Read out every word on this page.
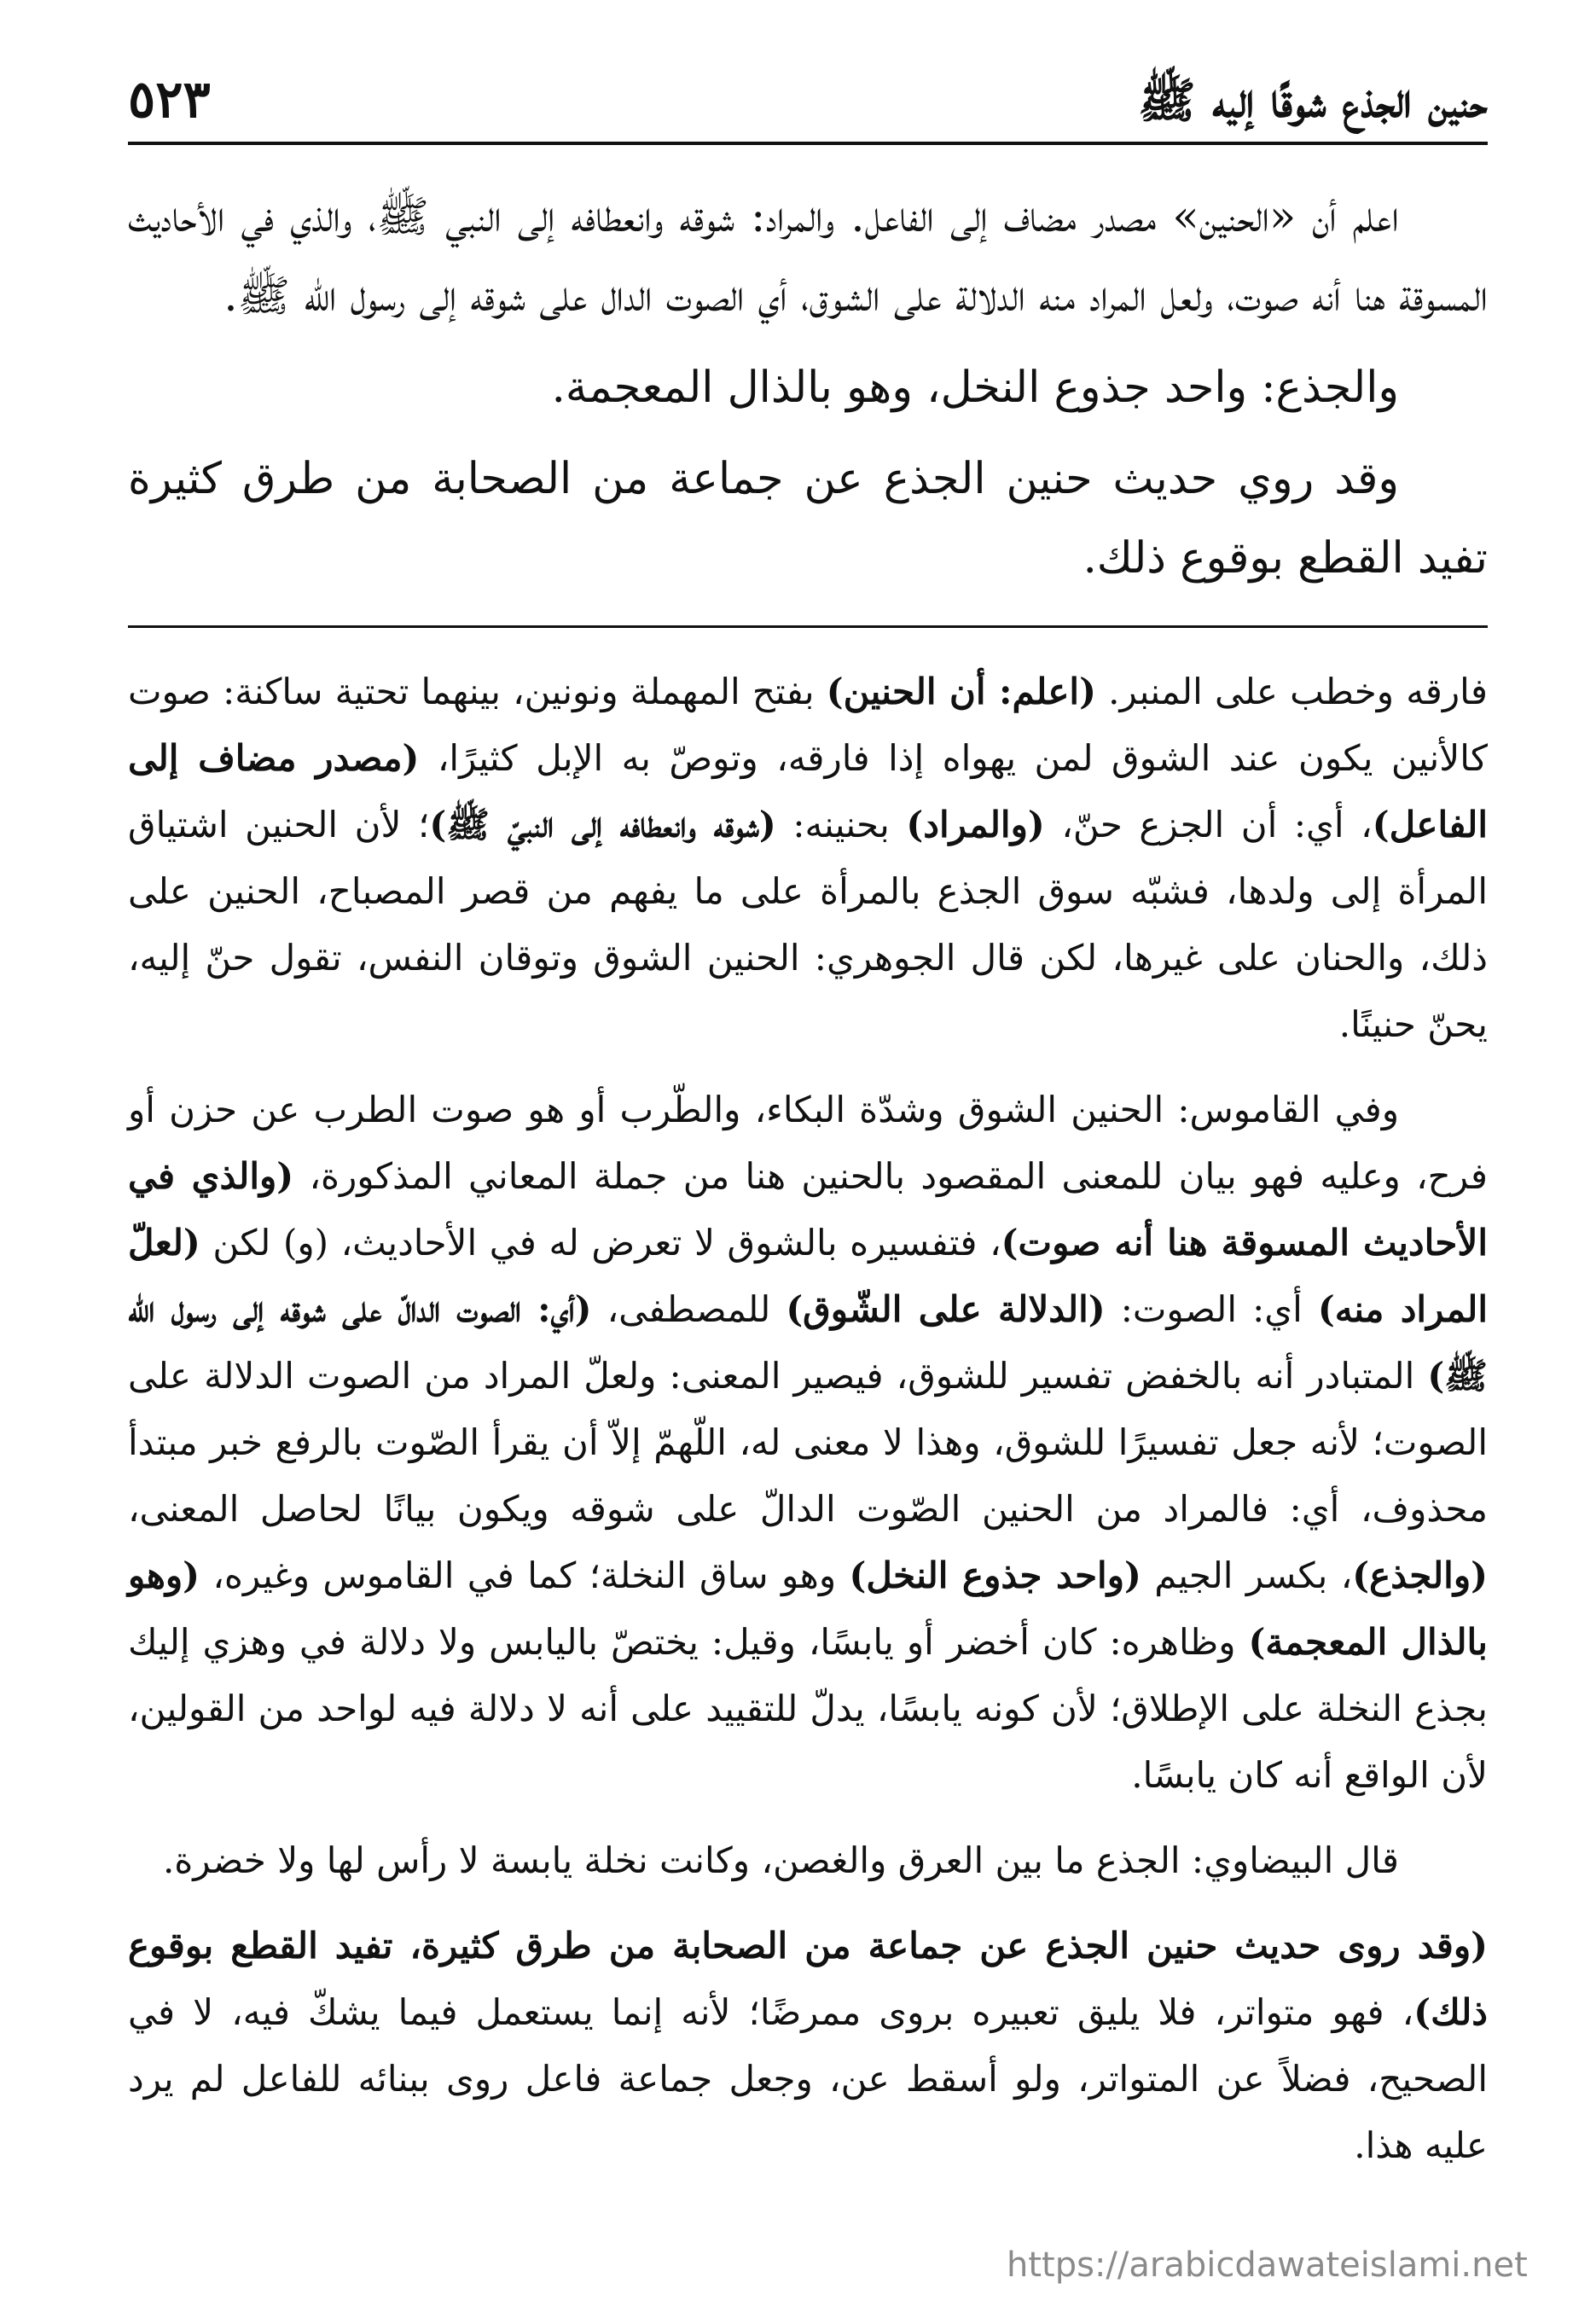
حنين الجذع شوقًا إليه ﷺ
٥٢٣

اعلم أن «الحنين» مصدر مضاف إلى الفاعل. والمراد: شوقه وانعطافه إلى النبي ﷺ، والذي في الأحاديث المسوقة هنا أنه صوت، ولعل المراد منه الدلالة على الشوق، أي الصوت الدال على شوقه إلى رسول الله ﷺ.

والجذع: واحد جذوع النخل، وهو بالذال المعجمة.

وقد روي حديث حنين الجذع عن جماعة من الصحابة من طرق كثيرة تفيد القطع بوقوع ذلك.

فارقه وخطب على المنبر. (اعلم: أن الحنين) بفتح المهملة ونونين، بينهما تحتية ساكنة: صوت كالأنين يكون عند الشوق لمن يهواه إذا فارقه، وتوصّ به الإبل كثيرًا، (مصدر مضاف إلى الفاعل)، أي: أن الجزع حنّ، (والمراد) بحنينه: (شوقه وانعطافه إلى النبيّ ﷺ)؛ لأن الحنين اشتياق المرأة إلى ولدها، فشبّه سوق الجذع بالمرأة على ما يفهم من قصر المصباح، الحنين على ذلك، والحنان على غيرها، لكن قال الجوهري: الحنين الشوق وتوقان النفس، تقول حنّ إليه، يحنّ حنينًا.

وفي القاموس: الحنين الشوق وشدّة البكاء، والطّرب أو هو صوت الطرب عن حزن أو فرح، وعليه فهو بيان للمعنى المقصود بالحنين هنا من جملة المعاني المذكورة، (والذي في الأحاديث المسوقة هنا أنه صوت)، فتفسيره بالشوق لا تعرض له في الأحاديث، (و) لكن (لعلّ المراد منه) أي: الصوت: (الدلالة على الشّوق) للمصطفى، (أي: الصوت الدالّ على شوقه إلى رسول الله ﷺ) المتبادر أنه بالخفض تفسير للشوق، فيصير المعنى: ولعلّ المراد من الصوت الدلالة على الصوت؛ لأنه جعل تفسيرًا للشوق، وهذا لا معنى له، اللّهمّ إلاّ أن يقرأ الصّوت بالرفع خبر مبتدأ محذوف، أي: فالمراد من الحنين الصّوت الدالّ على شوقه ويكون بيانًا لحاصل المعنى، (والجذع)، بكسر الجيم (واحد جذوع النخل) وهو ساق النخلة؛ كما في القاموس وغيره، (وهو بالذال المعجمة) وظاهره: كان أخضر أو يابسًا، وقيل: يختصّ باليابس ولا دلالة في وهزي إليك بجذع النخلة على الإطلاق؛ لأن كونه يابسًا، يدلّ للتقييد على أنه لا دلالة فيه لواحد من القولين، لأن الواقع أنه كان يابسًا.

قال البيضاوي: الجذع ما بين العرق والغصن، وكانت نخلة يابسة لا رأس لها ولا خضرة.

(وقد روى حديث حنين الجذع عن جماعة من الصحابة من طرق كثيرة، تفيد القطع بوقوع ذلك)، فهو متواتر، فلا يليق تعبيره بروى ممرضًا؛ لأنه إنما يستعمل فيما يشكّ فيه، لا في الصحيح، فضلاً عن المتواتر، ولو أسقط عن، وجعل جماعة فاعل روى ببنائه للفاعل لم يرد عليه هذا.

https://arabicdawateislami.net
